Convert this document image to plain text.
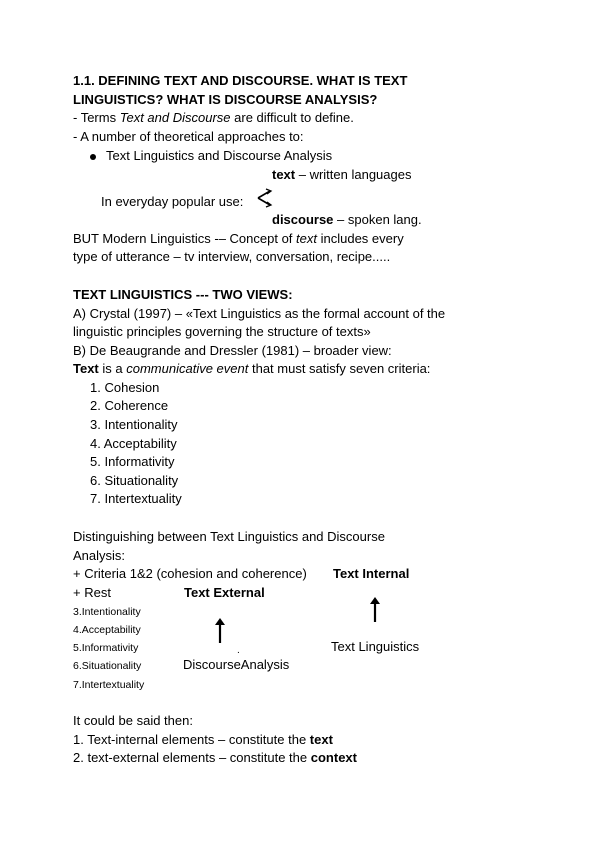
1.1. DEFINING TEXT AND DISCOURSE. WHAT IS TEXT
LINGUISTICS? WHAT IS DISCOURSE ANALYSIS?
- Terms Text and Discourse are difficult to define.
- A number of theoretical approaches to:
Text Linguistics and Discourse Analysis
text – written languages
In everyday popular use:
discourse – spoken lang.
BUT Modern Linguistics -– Concept of text includes every
type of utterance – tv interview, conversation, recipe.....
TEXT LINGUISTICS --- TWO VIEWS:
A) Crystal (1997) – «Text Linguistics as the formal account of the
linguistic principles governing the structure of texts»
B) De Beaugrande and Dressler (1981) – broader view:
Text is a communicative event that must satisfy seven criteria:
1. Cohesion
2. Coherence
3. Intentionality
4. Acceptability
5. Informativity
6. Situationality
7. Intertextuality
Distinguishing between Text Linguistics and Discourse
Analysis:
+ Criteria 1&2 (cohesion and coherence) Text Internal
+ Rest	Text External
3.Intentionality
4.Acceptability
5.Informativity
6.Situationality
7.Intertextuality
.	Text Linguistics
DiscourseAnalysis
It could be said then:
1. Text-internal elements – constitute the text
2. text-external elements – constitute the context
